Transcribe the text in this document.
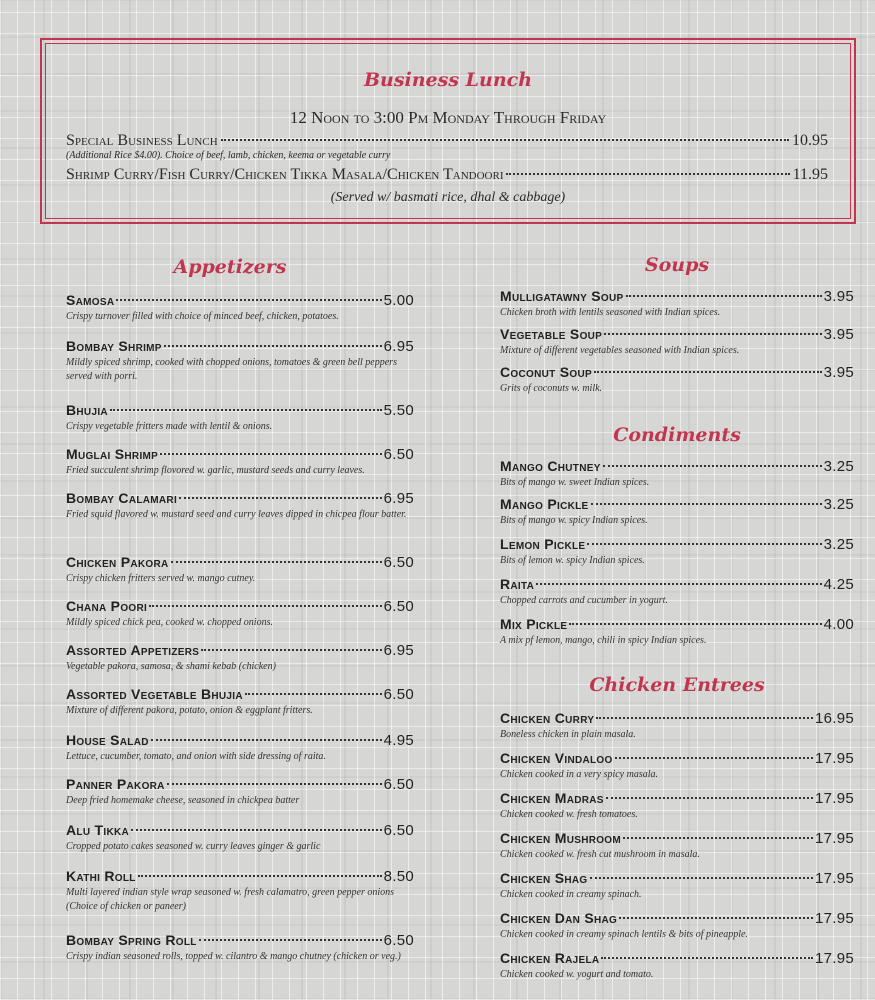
Business Lunch
12 Noon to 3:00 Pm Monday Through Friday
Special Business Lunch	10.95
(Additional Rice $4.00). Choice of beef, lamb, chicken, keema or vegetable curry
Shrimp Curry/Fish Curry/Chicken Tikka Masala/Chicken Tandoori	11.95
(Served w/ basmati rice, dhal & cabbage)
Appetizers
Samosa	5.00
Crispy turnover filled with choice of minced beef, chicken, potatoes.
Bombay Shrimp	6.95
Mildly spiced shrimp, cooked with chopped onions, tomatoes & green bell peppers served with porri.
Bhujia	5.50
Crispy vegetable fritters made with lentil & onions.
Muglai Shrimp	6.50
Fried succulent shrimp flovored w. garlic, mustard seeds and curry leaves.
Bombay Calamari	6.95
Fried squid flavored w. mustard seed and curry leaves dipped in chicpea flour batter.
Chicken Pakora	6.50
Crispy chicken fritters served w. mango cutney.
Chana Poori	6.50
Mildly spiced chick pea, cooked w. chopped onions.
Assorted Appetizers	6.95
Vegetable pakora, samosa, & shami kebab (chicken)
Assorted Vegetable Bhujia	6.50
Mixture of different pakora, potato, onion & eggplant fritters.
House Salad	4.95
Lettuce, cucumber, tomato, and onion with side dressing of raita.
Panner Pakora	6.50
Deep fried homemake cheese, seasoned in chickpea batter
Alu Tikka	6.50
Cropped potato cakes seasoned w. curry leaves ginger & garlic
Kathi Roll	8.50
Multi layered indian style wrap seasoned w. fresh calamatro, green pepper onions (Choice of chicken or paneer)
Bombay Spring Roll	6.50
Crispy indian seasoned rolls, topped w. cilantro & mango chutney (chicken or veg.)
Soups
Mulligatawny Soup	3.95
Chicken broth with lentils seasoned with Indian spices.
Vegetable Soup	3.95
Mixture of different vegetables seasoned with Indian spices.
Coconut Soup	3.95
Grits of coconuts w. milk.
Condiments
Mango Chutney	3.25
Bits of mango w. sweet Indian spices.
Mango Pickle	3.25
Bits of mango w. spicy Indian spices.
Lemon Pickle	3.25
Bits of lemon w. spicy Indian spices.
Raita	4.25
Chopped carrots and cucumber in yogurt.
Mix Pickle	4.00
A mix pf lemon, mango, chili in spicy Indian spices.
Chicken Entrees
Chicken Curry	16.95
Boneless chicken in plain masala.
Chicken Vindaloo	17.95
Chicken cooked in a very spicy masala.
Chicken Madras	17.95
Chicken cooked w. fresh tomatoes.
Chicken Mushroom	17.95
Chicken cooked w. fresh cut mushroom in masala.
Chicken Shag	17.95
Chicken cooked in creamy spinach.
Chicken Dan Shag	17.95
Chicken cooked in creamy spinach lentils & bits of pineapple.
Chicken Rajela	17.95
Chicken cooked w. yogurt and tomato.
